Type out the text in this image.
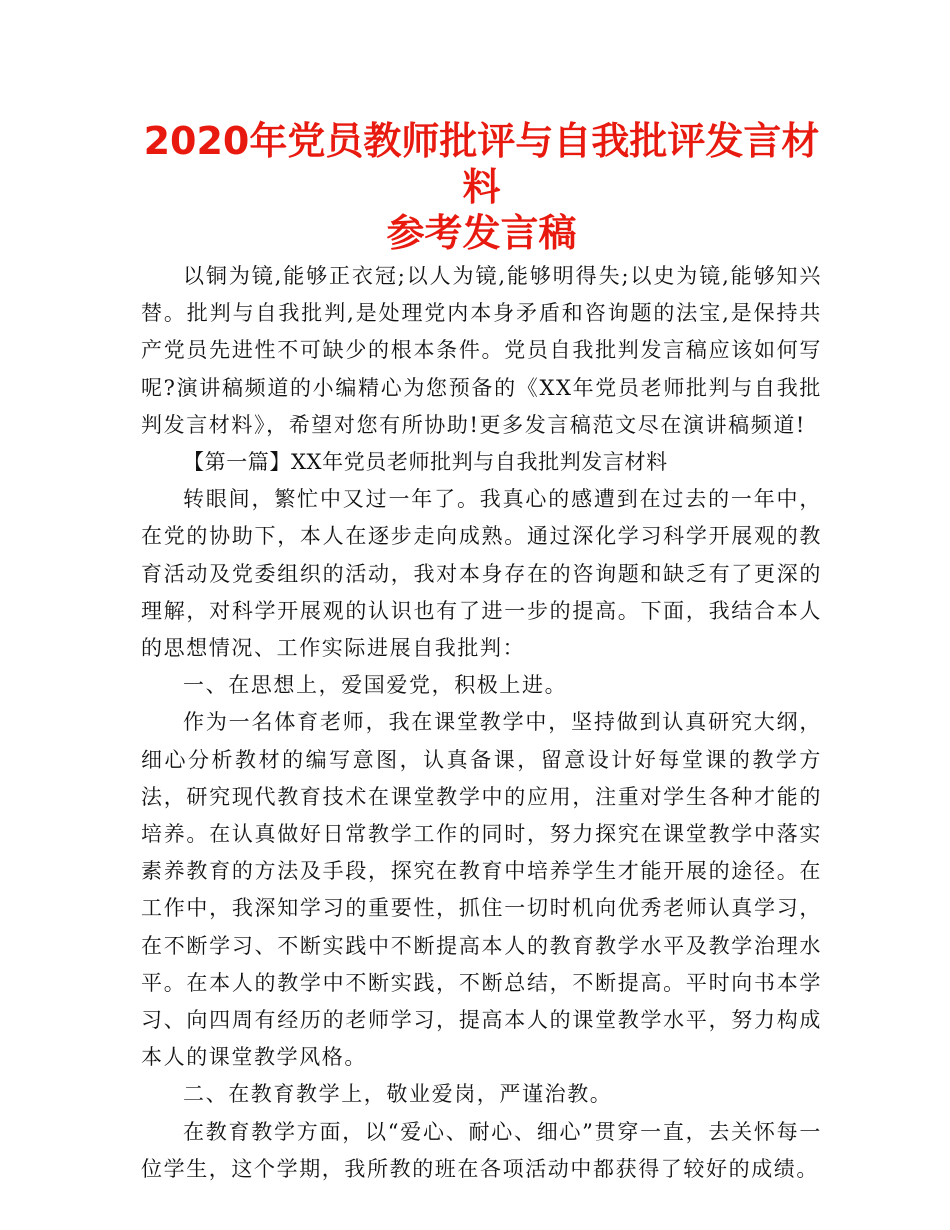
2020年党员教师批评与自我批评发言材料
参考发言稿

以铜为镜,能够正衣冠;以人为镜,能够明得失;以史为镜,能够知兴替。批判与自我批判,是处理党内本身矛盾和咨询题的法宝,是保持共产党员先进性不可缺少的根本条件。党员自我批判发言稿应该如何写呢?演讲稿频道的小编精心为您预备的《XX年党员老师批判与自我批判发言材料》，希望对您有所协助!更多发言稿范文尽在演讲稿频道!

【第一篇】XX年党员老师批判与自我批判发言材料

转眼间，繁忙中又过一年了。我真心的感遭到在过去的一年中，在党的协助下，本人在逐步走向成熟。通过深化学习科学开展观的教育活动及党委组织的活动，我对本身存在的咨询题和缺乏有了更深的理解，对科学开展观的认识也有了进一步的提高。下面，我结合本人的思想情况、工作实际进展自我批判：

一、在思想上，爱国爱党，积极上进。

作为一名体育老师，我在课堂教学中，坚持做到认真研究大纲，细心分析教材的编写意图，认真备课，留意设计好每堂课的教学方法，研究现代教育技术在课堂教学中的应用，注重对学生各种才能的培养。在认真做好日常教学工作的同时，努力探究在课堂教学中落实素养教育的方法及手段，探究在教育中培养学生才能开展的途径。在工作中，我深知学习的重要性，抓住一切时机向优秀老师认真学习，在不断学习、不断实践中不断提高本人的教育教学水平及教学治理水平。在本人的教学中不断实践，不断总结，不断提高。平时向书本学习、向四周有经历的老师学习，提高本人的课堂教学水平，努力构成本人的课堂教学风格。

二、在教育教学上，敬业爱岗，严谨治教。

在教育教学方面，以“爱心、耐心、细心”贯穿一直，去关怀每一位学生，这个学期，我所教的班在各项活动中都获得了较好的成绩。
